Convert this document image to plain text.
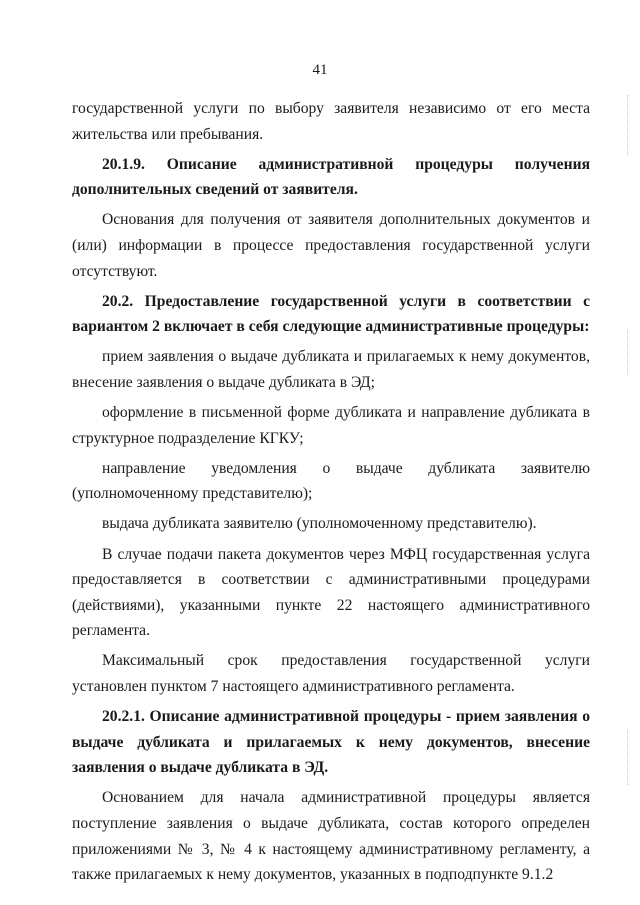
41

государственной услуги по выбору заявителя независимо от его места жительства или пребывания.

20.1.9. Описание административной процедуры получения дополнительных сведений от заявителя.

Основания для получения от заявителя дополнительных документов и (или) информации в процессе предоставления государственной услуги отсутствуют.

20.2. Предоставление государственной услуги в соответствии с вариантом 2 включает в себя следующие административные процедуры:

прием заявления о выдаче дубликата и прилагаемых к нему документов, внесение заявления о выдаче дубликата в ЭД;

оформление в письменной форме дубликата и направление дубликата в структурное подразделение КГКУ;

направление уведомления о выдаче дубликата заявителю (уполномоченному представителю);

выдача дубликата заявителю (уполномоченному представителю).

В случае подачи пакета документов через МФЦ государственная услуга предоставляется в соответствии с административными процедурами (действиями), указанными пункте 22 настоящего административного регламента.

Максимальный срок предоставления государственной услуги установлен пунктом 7 настоящего административного регламента.

20.2.1. Описание административной процедуры - прием заявления о выдаче дубликата и прилагаемых к нему документов, внесение заявления о выдаче дубликата в ЭД.

Основанием для начала административной процедуры является поступление заявления о выдаче дубликата, состав которого определен приложениями № 3, № 4 к настоящему административному регламенту, а также прилагаемых к нему документов, указанных в подподпункте 9.1.2
